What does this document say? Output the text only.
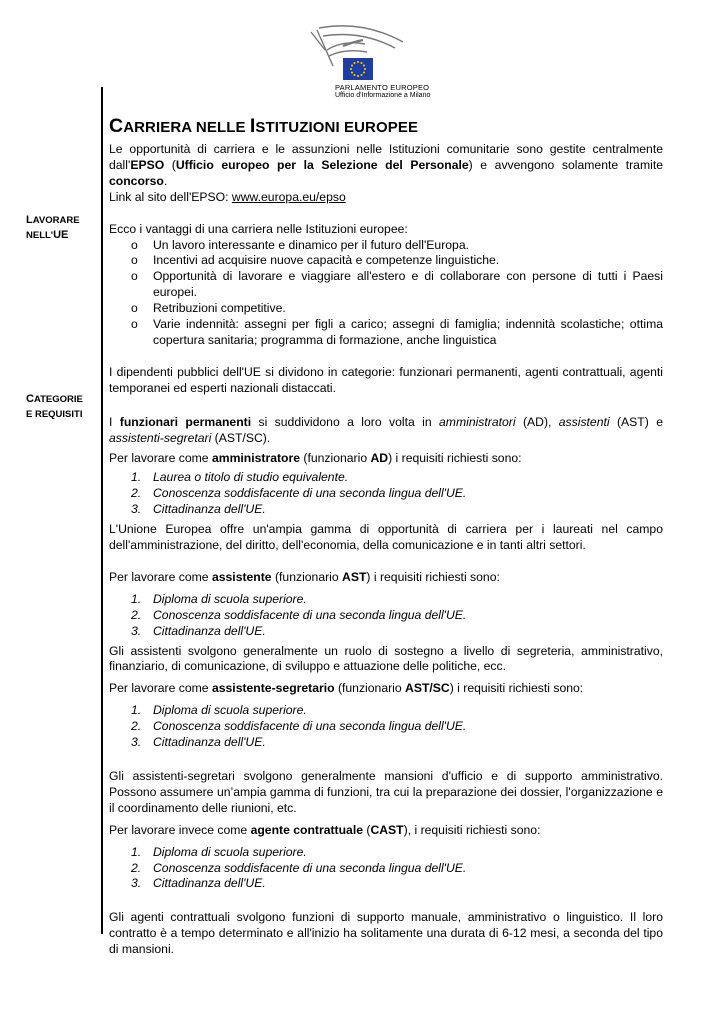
PARLAMENTO EUROPEO
Ufficio d'Informazione a Milano
LAVORARE
NELL'UE
CATEGORIE
E REQUISITI
CARRIERA NELLE ISTITUZIONI EUROPEE

Le opportunità di carriera e le assunzioni nelle Istituzioni comunitarie sono gestite centralmente dall'EPSO (Ufficio europeo per la Selezione del Personale) e avvengono solamente tramite concorso.

Link al sito dell'EPSO: www.europa.eu/epso

Ecco i vantaggi di una carriera nelle Istituzioni europee:

o Un lavoro interessante e dinamico per il futuro dell'Europa.
o Incentivi ad acquisire nuove capacità e competenze linguistiche.
o Opportunità di lavorare e viaggiare all'estero e di collaborare con persone di tutti i Paesi europei.
o Retribuzioni competitive.
o Varie indennità: assegni per figli a carico; assegni di famiglia; indennità scolastiche; ottima copertura sanitaria; programma di formazione, anche linguistica

I dipendenti pubblici dell'UE si dividono in categorie: funzionari permanenti, agenti contrattuali, agenti temporanei ed esperti nazionali distaccati.

I funzionari permanenti si suddividono a loro volta in amministratori (AD), assistenti (AST) e assistenti-segretari (AST/SC).

Per lavorare come amministratore (funzionario AD) i requisiti richiesti sono:

1. Laurea o titolo di studio equivalente.
2. Conoscenza soddisfacente di una seconda lingua dell'UE.
3. Cittadinanza dell'UE.

L'Unione Europea offre un'ampia gamma di opportunità di carriera per i laureati nel campo dell'amministrazione, del diritto, dell'economia, della comunicazione e in tanti altri settori.

Per lavorare come assistente (funzionario AST) i requisiti richiesti sono:

1. Diploma di scuola superiore.
2. Conoscenza soddisfacente di una seconda lingua dell'UE.
3. Cittadinanza dell'UE.

Gli assistenti svolgono generalmente un ruolo di sostegno a livello di segreteria, amministrativo, finanziario, di comunicazione, di sviluppo e attuazione delle politiche, ecc.

Per lavorare come assistente-segretario (funzionario AST/SC) i requisiti richiesti sono:

1. Diploma di scuola superiore.
2. Conoscenza soddisfacente di una seconda lingua dell'UE.
3. Cittadinanza dell'UE.

Gli assistenti-segretari svolgono generalmente mansioni d'ufficio e di supporto amministrativo. Possono assumere un’ampia gamma di funzioni, tra cui la preparazione dei dossier, l'organizzazione e il coordinamento delle riunioni, etc.

Per lavorare invece come agente contrattuale (CAST), i requisiti richiesti sono:

1. Diploma di scuola superiore.
2. Conoscenza soddisfacente di una seconda lingua dell'UE.
3. Cittadinanza dell'UE.

Gli agenti contrattuali svolgono funzioni di supporto manuale, amministrativo o linguistico. Il loro contratto è a tempo determinato e all'inizio ha solitamente una durata di 6-12 mesi, a seconda del tipo di mansioni.
